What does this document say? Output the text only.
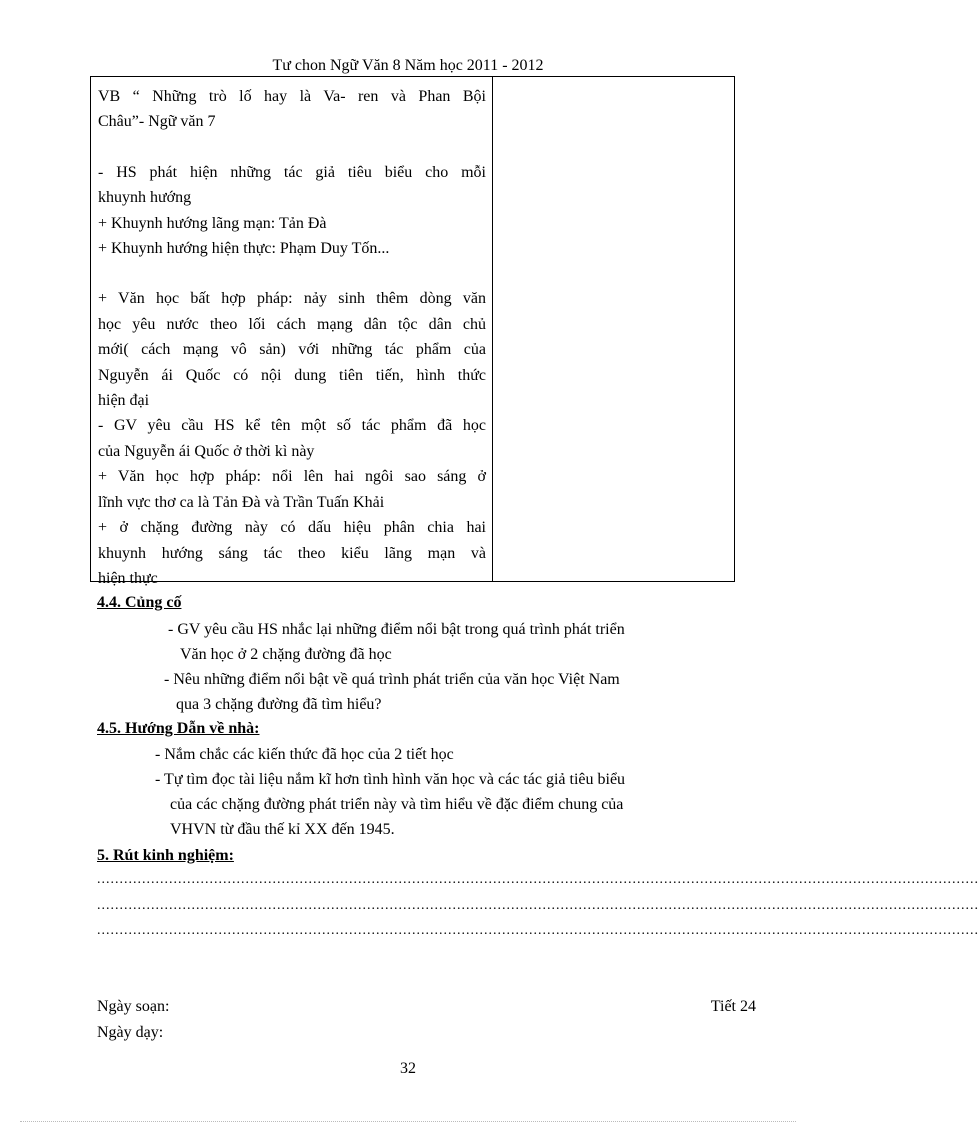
Tư chon Ngữ Văn 8 Năm học 2011 - 2012

VB “ Những trò lố hay là Va- ren và Phan Bội

Châu”- Ngữ văn 7

- HS phát hiện những tác giả tiêu biểu cho mỗi

khuynh hướng

+ Khuynh hướng lãng mạn: Tản Đà

+ Khuynh hướng hiện thực: Phạm Duy Tốn...

+ Văn học bất hợp pháp: nảy sinh thêm dòng văn

học yêu nước theo lối cách mạng dân tộc dân chủ

mới( cách mạng vô sản) với những tác phẩm của

Nguyễn ái Quốc có nội dung tiên tiến, hình thức

hiện đại

- GV yêu cầu HS kể tên một số tác phẩm đã học

của Nguyễn ái Quốc ở thời kì này

+ Văn học hợp pháp: nổi lên hai ngôi sao sáng ở

lĩnh vực thơ ca là Tản Đà và Trần Tuấn Khải

+ ở chặng đường này có dấu hiệu phân chia hai

khuynh hướng sáng tác theo kiểu lãng mạn và

hiện thực

4.4. Củng cố
- GV yêu cầu HS nhắc lại những điểm nổi bật trong quá trình phát triển
Văn học ở 2 chặng đường đã học
- Nêu những điểm nổi bật về quá trình phát triển của văn học Việt Nam
qua 3 chặng đường đã tìm hiểu?
4.5. Hướng Dẫn về nhà:
- Nắm chắc các kiến thức đã học của 2 tiết học
- Tự tìm đọc tài liệu nắm kĩ hơn tình hình văn học và các tác giả tiêu biểu
của các chặng đường phát triển này và tìm hiểu về đặc điểm chung của
VHVN từ đầu thế kỉ XX đến 1945.
5. Rút kinh nghiệm:
....................................................................................................................................................................................................
....................................................................................................................................................................................................
....................................................................................................................................................................................................
Ngày soạn:	Tiết 24
Ngày dạy:
32
